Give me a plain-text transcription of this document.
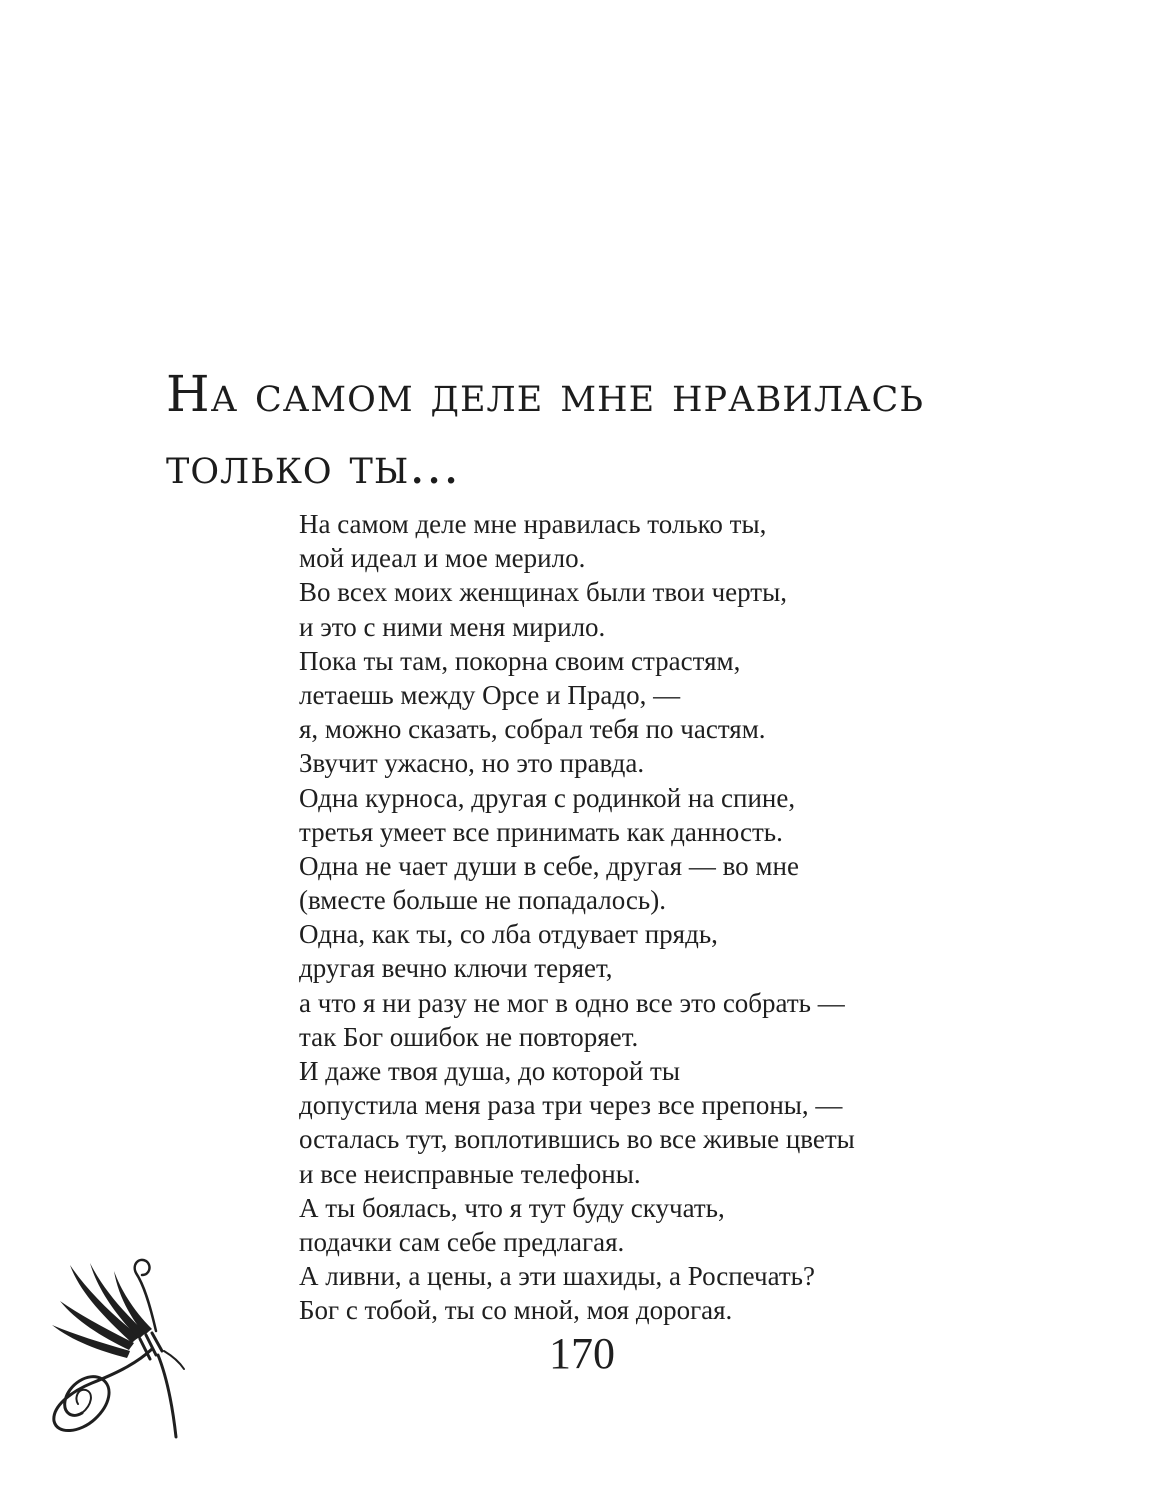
На самом деле мне нравилась
только ты...
На самом деле мне нравилась только ты,
мой идеал и мое мерило.
Во всех моих женщинах были твои черты,
и это с ними меня мирило.
Пока ты там, покорна своим страстям,
летаешь между Орсе и Прадо, —
я, можно сказать, собрал тебя по частям.
Звучит ужасно, но это правда.
Одна курноса, другая с родинкой на спине,
третья умеет все принимать как данность.
Одна не чает души в себе, другая — во мне
(вместе больше не попадалось).
Одна, как ты, со лба отдувает прядь,
другая вечно ключи теряет,
а что я ни разу не мог в одно все это собрать —
так Бог ошибок не повторяет.
И даже твоя душа, до которой ты
допустила меня раза три через все препоны, —
осталась тут, воплотившись во все живые цветы
и все неисправные телефоны.
А ты боялась, что я тут буду скучать,
подачки сам себе предлагая.
А ливни, а цены, а эти шахиды, а Роспечать?
Бог с тобой, ты со мной, моя дорогая.
170
